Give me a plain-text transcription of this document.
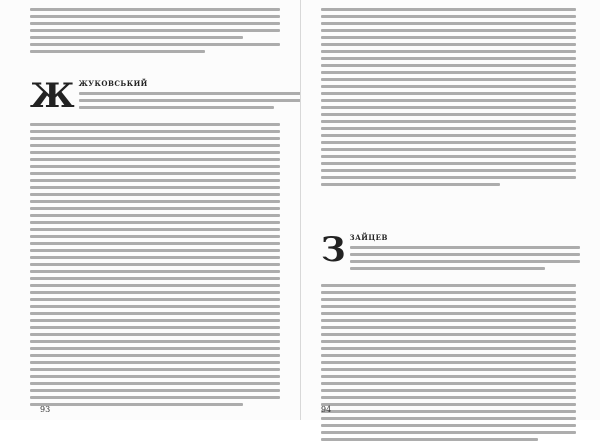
Ж ЖУКОВСЬКИЙ
93
З ЗАЙЦЕВ
94
